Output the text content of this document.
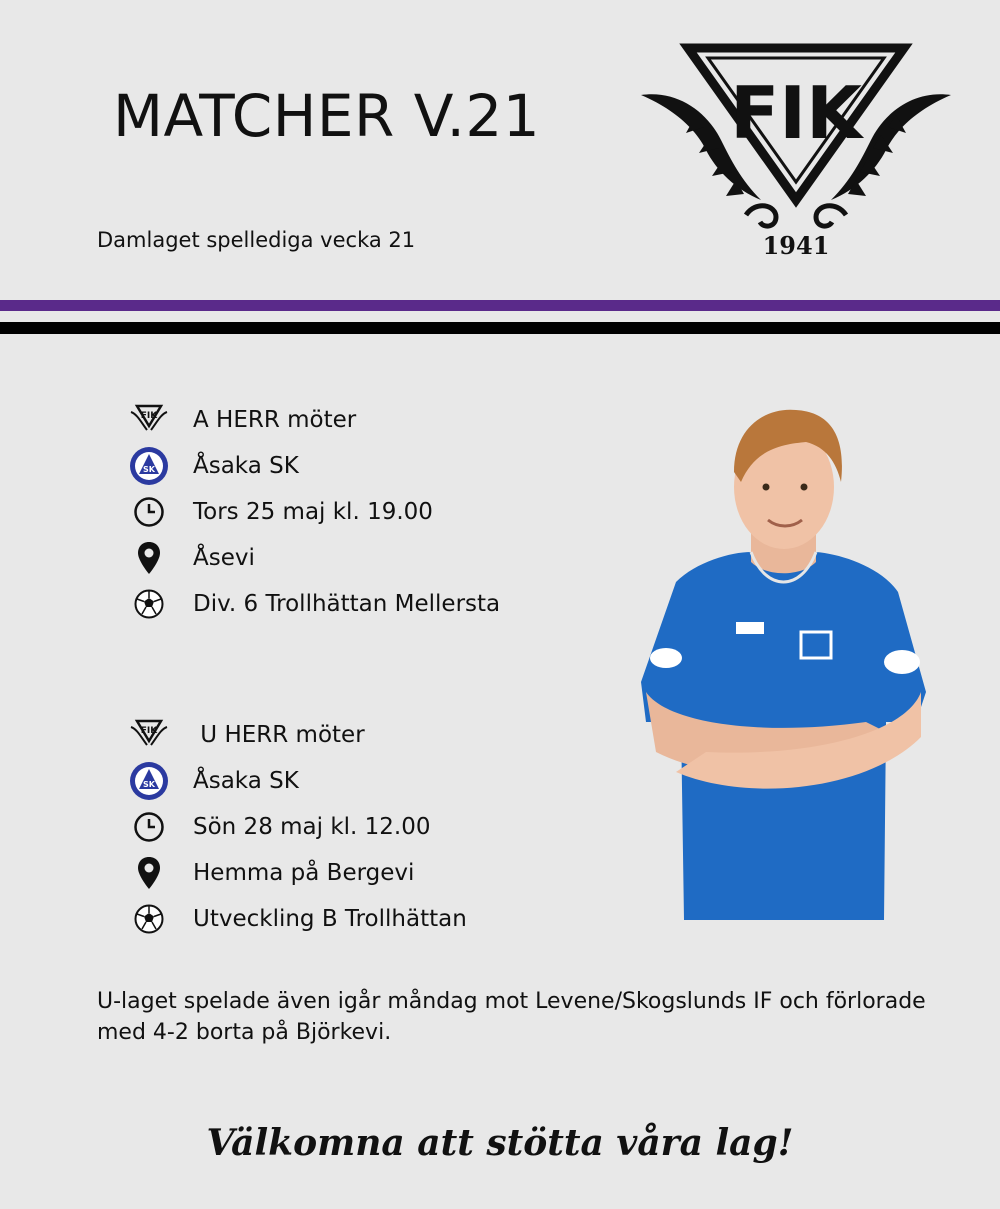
MATCHER V.21
Damlaget spellediga vecka 21
FIK
1941
FIK A HERR möter
SK Åsaka SK
Tors 25 maj kl. 19.00
Åsevi
Div. 6 Trollhättan Mellersta
FIK U HERR möter
SK Åsaka SK
Sön 28 maj kl. 12.00
Hemma på Bergevi
Utveckling B Trollhättan
U-laget spelade även igår måndag mot Levene/Skogslunds IF och förlorade med 4-2 borta på Björkevi.
Välkomna att stötta våra lag!
